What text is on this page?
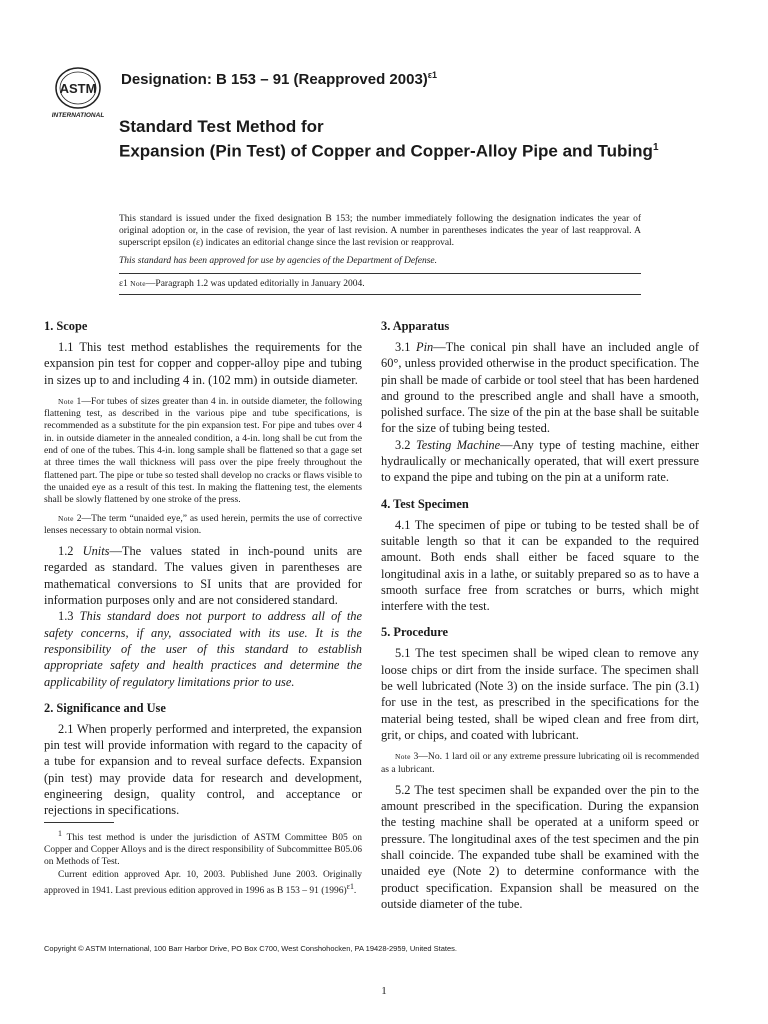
ASTM
INTERNATIONAL
Designation: B 153 – 91 (Reapproved 2003)$^{\varepsilon 1}$
Standard Test Method for
Expansion (Pin Test) of Copper and Copper-Alloy Pipe and Tubing$^1$
This standard is issued under the fixed designation B 153; the number immediately following the designation indicates the year of original adoption or, in the case of revision, the year of last revision. A number in parentheses indicates the year of last reapproval. A superscript epsilon (ε) indicates an editorial change since the last revision or reapproval.
This standard has been approved for use by agencies of the Department of Defense.
ε1 Note—Paragraph 1.2 was updated editorially in January 2004.
1. Scope

1.1 This test method establishes the requirements for the expansion pin test for copper and copper-alloy pipe and tubing in sizes up to and including 4 in. (102 mm) in outside diameter.

Note 1—For tubes of sizes greater than 4 in. in outside diameter, the following flattening test, as described in the various pipe and tube specifications, is recommended as a substitute for the pin expansion test. For pipe and tubes over 4 in. in outside diameter in the annealed condition, a 4-in. long shall be cut from the end of one of the tubes. This 4-in. long sample shall be flattened so that a gage set at three times the wall thickness will pass over the pipe freely throughout the flattened part. The pipe or tube so tested shall develop no cracks or flaws visible to the unaided eye as a result of this test. In making the flattening test, the elements shall be slowly flattened by one stroke of the press.

Note 2—The term “unaided eye,” as used herein, permits the use of corrective lenses necessary to obtain normal vision.

1.2 Units—The values stated in inch-pound units are regarded as standard. The values given in parentheses are mathematical conversions to SI units that are provided for information purposes only and are not considered standard.

1.3 This standard does not purport to address all of the safety concerns, if any, associated with its use. It is the responsibility of the user of this standard to establish appropriate safety and health practices and determine the applicability of regulatory limitations prior to use.

2. Significance and Use

2.1 When properly performed and interpreted, the expansion pin test will provide information with regard to the capacity of a tube for expansion and to reveal surface defects. Expansion (pin test) may provide data for research and development, engineering design, quality control, and acceptance or rejections in specifications.

3. Apparatus

3.1 Pin—The conical pin shall have an included angle of 60°, unless provided otherwise in the product specification. The pin shall be made of carbide or tool steel that has been hardened and ground to the prescribed angle and shall have a smooth, polished surface. The size of the pin at the base shall be suitable for the size of tubing being tested.

3.2 Testing Machine—Any type of testing machine, either hydraulically or mechanically operated, that will exert pressure to expand the pipe and tubing on the pin at a uniform rate.

4. Test Specimen

4.1 The specimen of pipe or tubing to be tested shall be of suitable length so that it can be expanded to the required amount. Both ends shall either be faced square to the longitudinal axis in a lathe, or suitably prepared so as to have a smooth surface free from scratches or burrs, which might interfere with the test.

5. Procedure

5.1 The test specimen shall be wiped clean to remove any loose chips or dirt from the inside surface. The specimen shall be well lubricated (Note 3) on the inside surface. The pin (3.1) for use in the test, as prescribed in the specifications for the material being tested, shall be wiped clean and free from dirt, grit, or chips, and coated with lubricant.

Note 3—No. 1 lard oil or any extreme pressure lubricating oil is recommended as a lubricant.

5.2 The test specimen shall be expanded over the pin to the amount prescribed in the specification. During the expansion the testing machine shall be operated at a uniform speed or pressure. The longitudinal axes of the test specimen and the pin shall coincide. The expanded tube shall be examined with the unaided eye (Note 2) to determine conformance with the product specification. Expansion shall be measured on the outside diameter of the tube.

$^1$ This test method is under the jurisdiction of ASTM Committee B05 on Copper and Copper Alloys and is the direct responsibility of Subcommittee B05.06 on Methods of Test.

Current edition approved Apr. 10, 2003. Published June 2003. Originally approved in 1941. Last previous edition approved in 1996 as B 153 – 91 $(1996)^{\varepsilon 1}$.

Copyright © ASTM International, 100 Barr Harbor Drive, PO Box C700, West Conshohocken, PA 19428-2959, United States.
1
